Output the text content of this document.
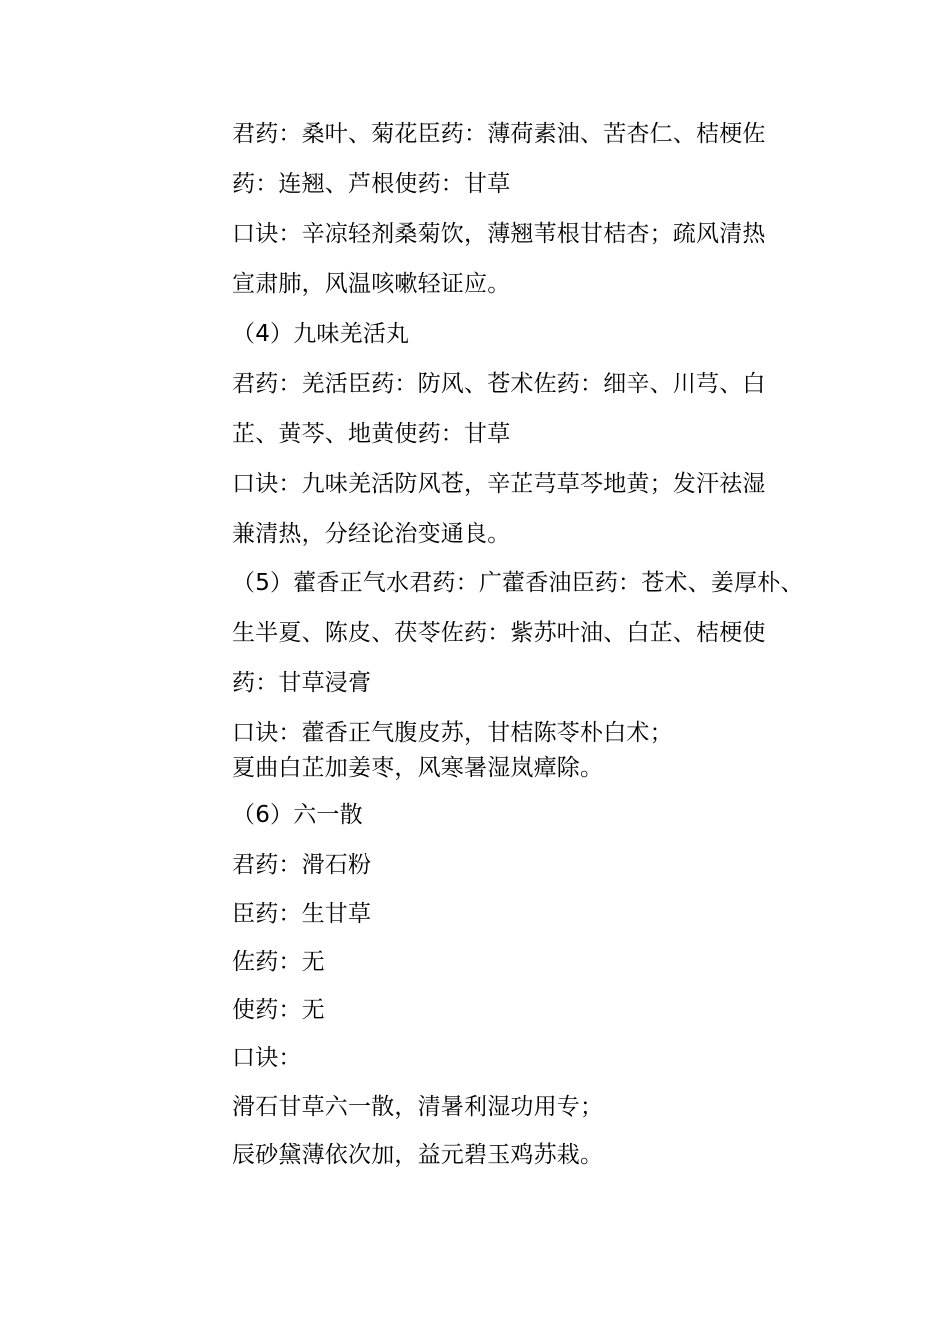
君药：桑叶、菊花臣药：薄荷素油、苦杏仁、桔梗佐
药：连翘、芦根使药：甘草
口诀：辛凉轻剂桑菊饮，薄翘苇根甘桔杏；疏风清热
宣肃肺，风温咳嗽轻证应。
（4）九味羌活丸
君药：羌活臣药：防风、苍术佐药：细辛、川芎、白
芷、黄芩、地黄使药：甘草
口诀：九味羌活防风苍，辛芷芎草芩地黄；发汗祛湿
兼清热，分经论治变通良。
（5）藿香正气水君药：广藿香油臣药：苍术、姜厚朴、
生半夏、陈皮、茯苓佐药：紫苏叶油、白芷、桔梗使
药：甘草浸膏
口诀：藿香正气腹皮苏，甘桔陈苓朴白术；
夏曲白芷加姜枣，风寒暑湿岚瘴除。
（6）六一散
君药：滑石粉
臣药：生甘草
佐药：无
使药：无
口诀：
滑石甘草六一散，清暑利湿功用专；
辰砂黛薄依次加，益元碧玉鸡苏栽。
